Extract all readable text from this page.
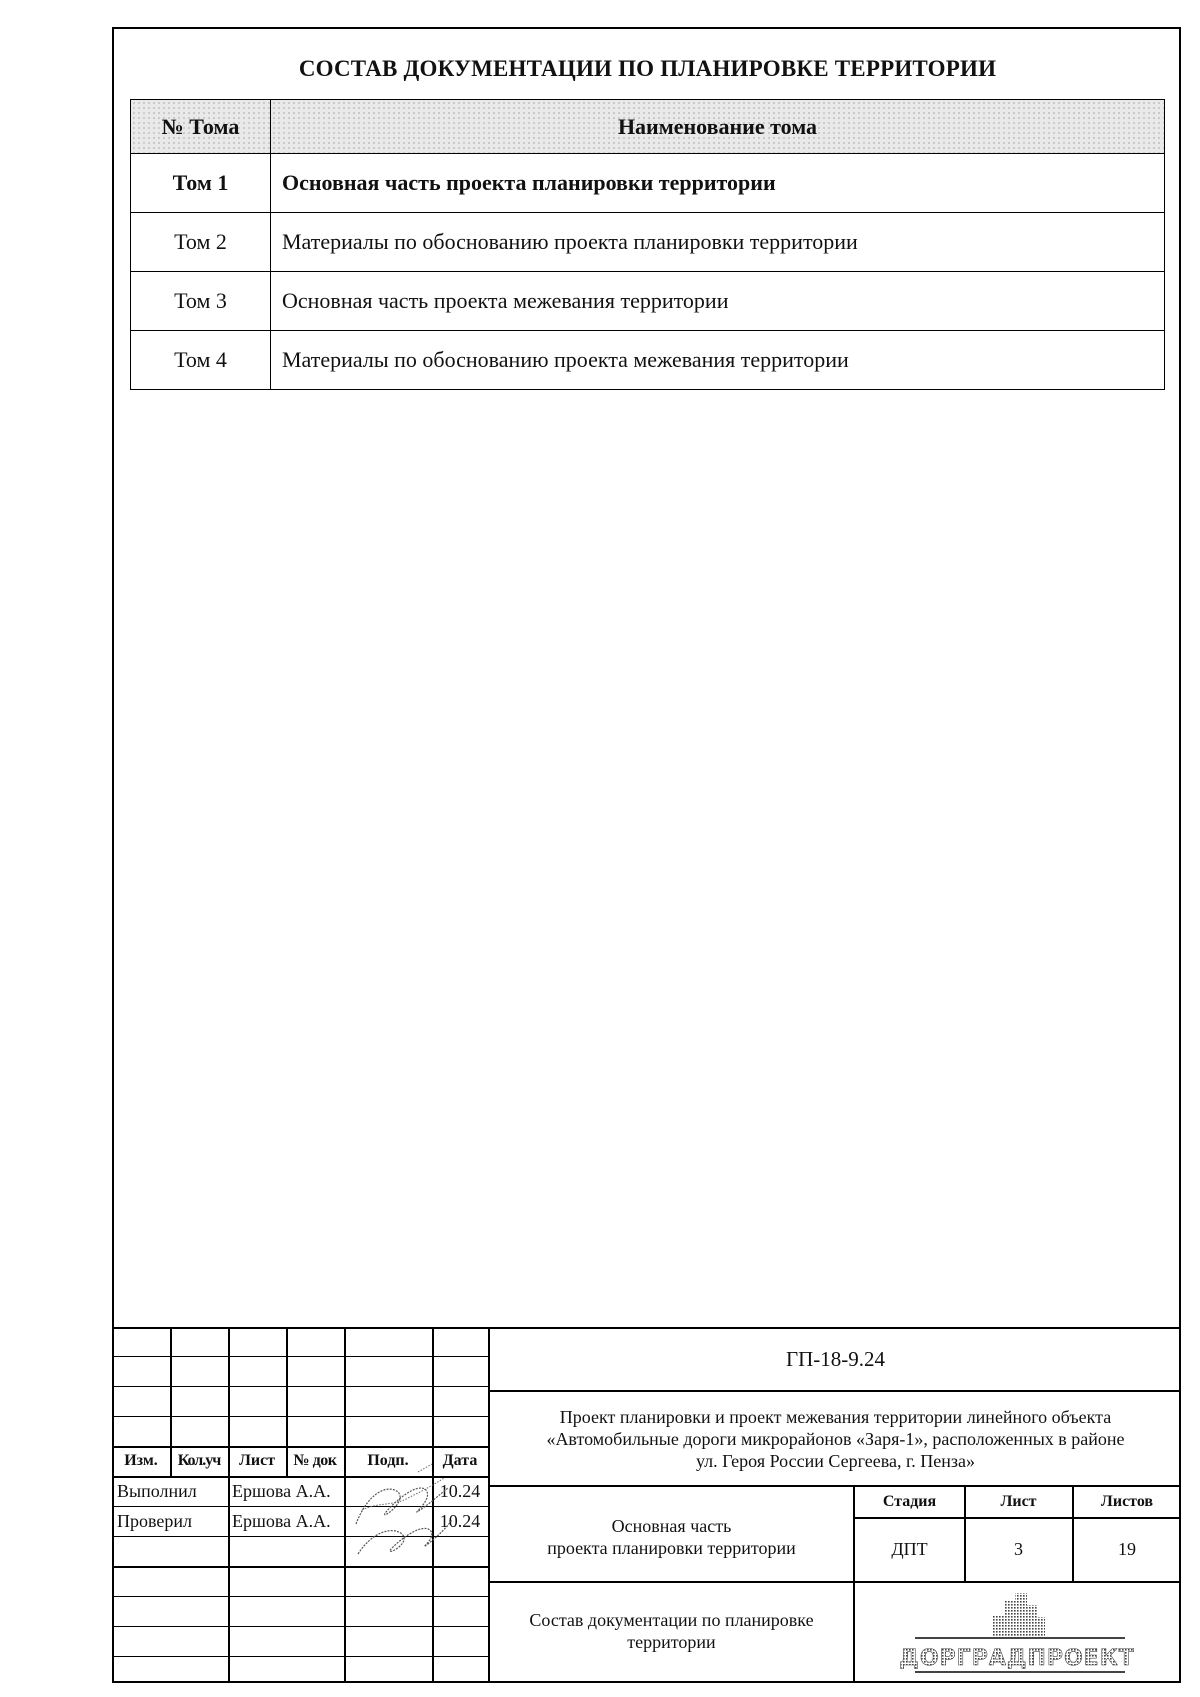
СОСТАВ ДОКУМЕНТАЦИИ ПО ПЛАНИРОВКЕ ТЕРРИТОРИИ
№ Тома	Наименование тома
Том 1	Основная часть проекта планировки территории
Том 2	Материалы по обоснованию проекта планировки территории
Том 3	Основная часть проекта межевания территории
Том 4	Материалы по обоснованию проекта межевания территории
Изм.	Кол.уч	Лист	№ док	Подп.	Дата
Выполнил Ершова А.А.	10.24
Проверил Ершова А.А.	10.24
ГП-18-9.24
Проект планировки и проект межевания территории линейного объекта
«Автомобильные дороги микрорайонов «Заря-1», расположенных в районе
ул. Героя России Сергеева, г. Пенза»
Основная часть
проекта планировки территории
Стадия	Лист	Листов
ДПТ	3	19
Состав документации по планировке
территории
ДОРГРАДПРОЕКТ
